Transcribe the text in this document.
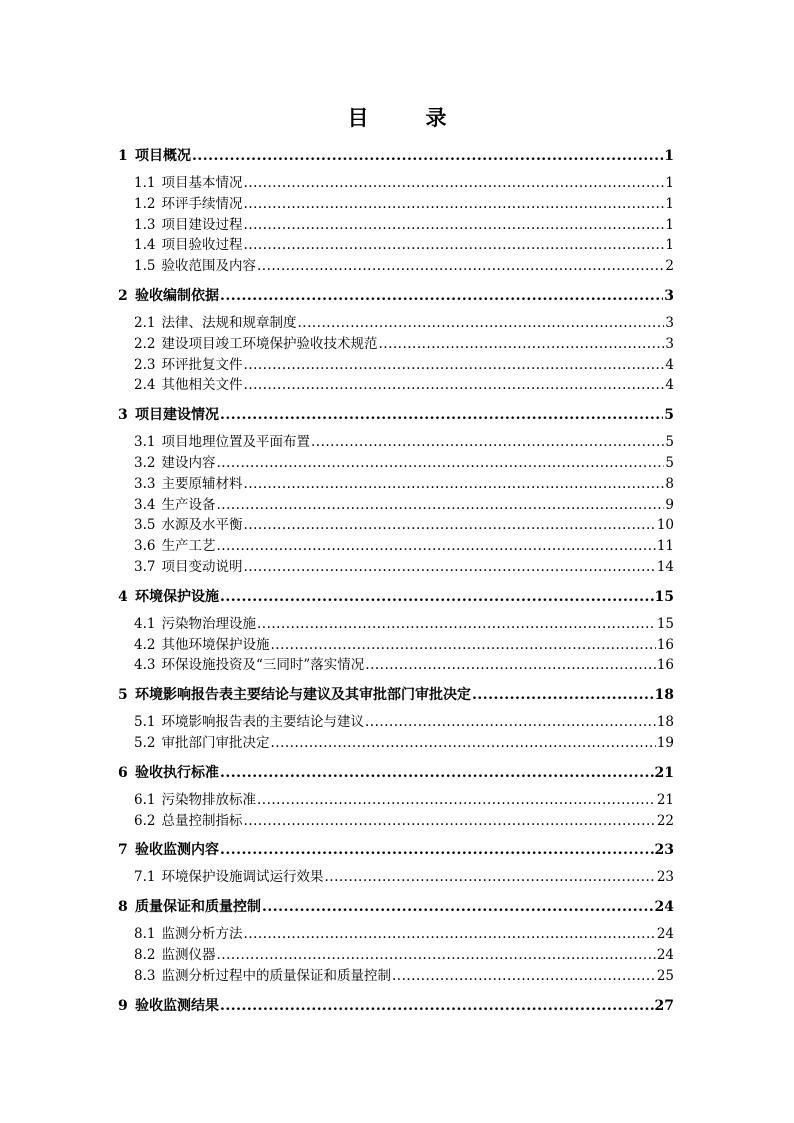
目　录
1 项目概况 .....	1
1.1 项目基本情况 .....	1
1.2 环评手续情况 .....	1
1.3 项目建设过程 .....	1
1.4 项目验收过程 .....	1
1.5 验收范围及内容 .....	2
2 验收编制依据 .....	3
2.1 法律、法规和规章制度 .....	3
2.2 建设项目竣工环境保护验收技术规范 .....	3
2.3 环评批复文件 .....	4
2.4 其他相关文件 .....	4
3 项目建设情况 .....	5
3.1 项目地理位置及平面布置 .....	5
3.2 建设内容 .....	5
3.3 主要原辅材料 .....	8
3.4 生产设备 .....	9
3.5 水源及水平衡 .....	10
3.6 生产工艺 .....	11
3.7 项目变动说明 .....	14
4 环境保护设施 .....	15
4.1 污染物治理设施 .....	15
4.2 其他环境保护设施 .....	16
4.3 环保设施投资及“三同时”落实情况 .....	16
5 环境影响报告表主要结论与建议及其审批部门审批决定 .....	18
5.1 环境影响报告表的主要结论与建议 .....	18
5.2 审批部门审批决定 .....	19
6 验收执行标准 .....	21
6.1 污染物排放标准 .....	21
6.2 总量控制指标 .....	22
7 验收监测内容 .....	23
7.1 环境保护设施调试运行效果 .....	23
8 质量保证和质量控制 .....	24
8.1 监测分析方法 .....	24
8.2 监测仪器 .....	24
8.3 监测分析过程中的质量保证和质量控制 .....	25
9 验收监测结果 .....	27
